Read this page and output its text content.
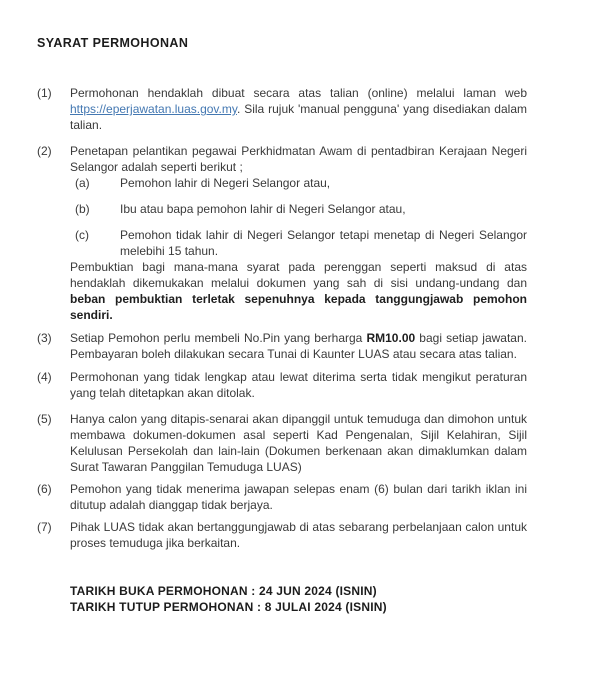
SYARAT PERMOHONAN
(1)	Permohonan hendaklah dibuat secara atas talian (online) melalui laman web https://eperjawatan.luas.gov.my. Sila rujuk 'manual pengguna' yang disediakan dalam talian.

(2)	Penetapan pelantikan pegawai Perkhidmatan Awam di pentadbiran Kerajaan Negeri Selangor adalah seperti berikut ;

(a)	Pemohon lahir di Negeri Selangor atau,

(b)	Ibu atau bapa pemohon lahir di Negeri Selangor atau,

(c)	Pemohon tidak lahir di Negeri Selangor tetapi menetap di Negeri Selangor melebihi 15 tahun.

Pembuktian bagi mana-mana syarat pada perenggan seperti maksud di atas hendaklah dikemukakan melalui dokumen yang sah di sisi undang-undang dan beban pembuktian terletak sepenuhnya kepada tanggungjawab pemohon sendiri.

(3)	Setiap Pemohon perlu membeli No.Pin yang berharga RM10.00 bagi setiap jawatan. Pembayaran boleh dilakukan secara Tunai di Kaunter LUAS atau secara atas talian.

(4)	Permohonan yang tidak lengkap atau lewat diterima serta tidak mengikut peraturan yang telah ditetapkan akan ditolak.

(5)	Hanya calon yang ditapis-senarai akan dipanggil untuk temuduga dan dimohon untuk membawa dokumen-dokumen asal seperti Kad Pengenalan, Sijil Kelahiran, Sijil Kelulusan Persekolah dan lain-lain (Dokumen berkenaan akan dimaklumkan dalam Surat Tawaran Panggilan Temuduga LUAS)

(6)	Pemohon yang tidak menerima jawapan selepas enam (6) bulan dari tarikh iklan ini ditutup adalah dianggap tidak berjaya.

(7)	Pihak LUAS tidak akan bertanggungjawab di atas sebarang perbelanjaan calon untuk proses temuduga jika berkaitan.

TARIKH BUKA PERMOHONAN : 24 JUN 2024 (ISNIN)

TARIKH TUTUP PERMOHONAN : 8 JULAI 2024 (ISNIN)
